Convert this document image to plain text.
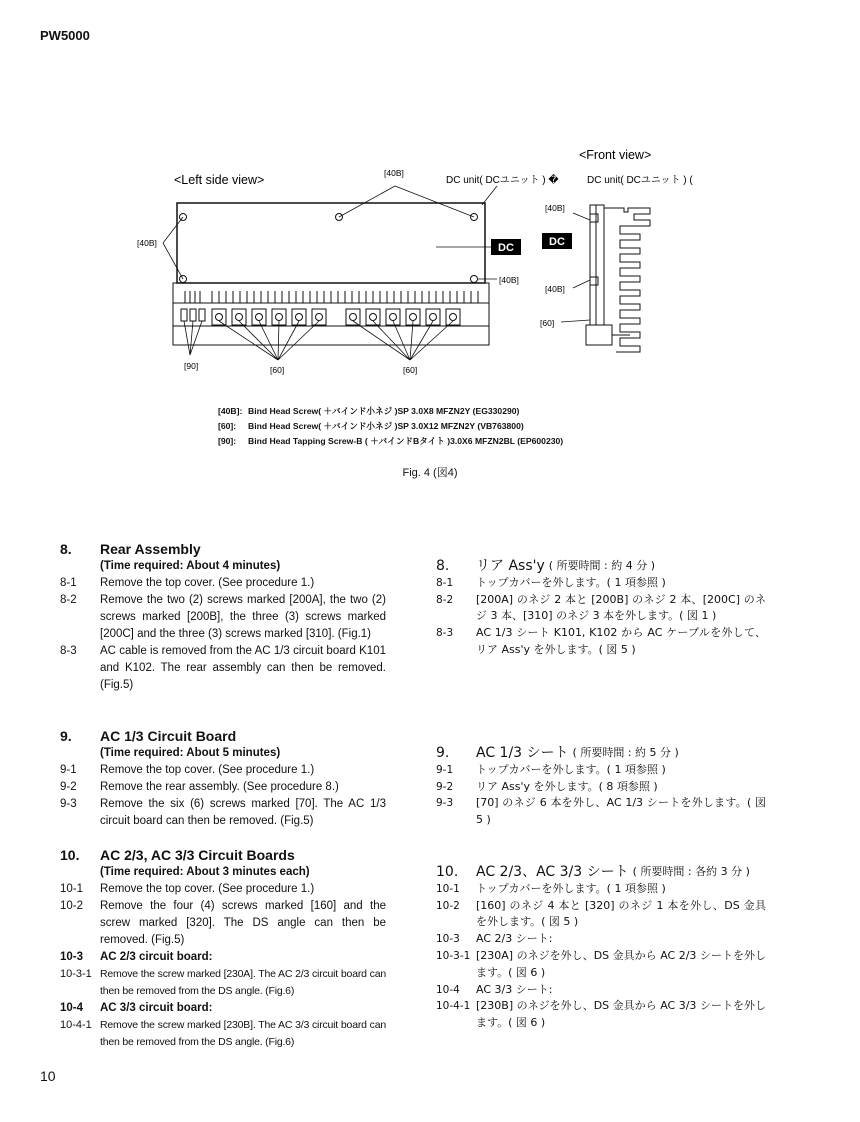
PW5000
DC	DC
<Front view>
<Left side view>	DC unit( DCユニット ) �	DC unit( DCユニット ) (
[40B]
[40B]
[40B]
[40B]
[40B]
[60]
[90]	[60]	[60]
[40B]: Bind Head Screw( ＋バインド小ネジ )SP 3.0X8 MFZN2Y (EG330290)
[60]: Bind Head Screw( ＋バインド小ネジ )SP 3.0X12 MFZN2Y (VB763800)
[90]: Bind Head Tapping Screw-B ( ＋バインドBタイト )3.0X6 MFZN2BL (EP600230)
Fig. 4 (図4)
8.	Rear Assembly
(Time required: About 4 minutes)
8-1	Remove the top cover. (See procedure 1.)
8-2	Remove the two (2) screws marked [200A], the two (2) screws marked [200B], the three (3) screws marked [200C] and the three (3) screws marked [310]. (Fig.1)
8-3	AC cable is removed from the AC 1/3 circuit board K101 and K102. The rear assembly can then be removed. (Fig.5)
9.	AC 1/3 Circuit Board
(Time required: About 5 minutes)
9-1	Remove the top cover. (See procedure 1.)
9-2	Remove the rear assembly. (See procedure 8.)
9-3	Remove the six (6) screws marked [70]. The AC 1/3 circuit board can then be removed. (Fig.5)
10.	AC 2/3, AC 3/3 Circuit Boards
(Time required: About 3 minutes each)
10-1	Remove the top cover. (See procedure 1.)
10-2	Remove the four (4) screws marked [160] and the screw marked [320]. The DS angle can then be removed. (Fig.5)
10-3	AC 2/3 circuit board:
10-3-1 Remove the screw marked [230A]. The AC 2/3 circuit board can then be removed from the DS angle. (Fig.6)
10-4	AC 3/3 circuit board:
10-4-1 Remove the screw marked [230B]. The AC 3/3 circuit board can then be removed from the DS angle. (Fig.6)
8.	リア Ass'y ( 所要時間 : 約 4 分 )
8-1	トップカバーを外します。( 1 項参照 )
8-2	[200A] のネジ 2 本と [200B] のネジ 2 本、[200C] のネジ 3 本、[310] のネジ 3 本を外します。( 図 1 )
8-3	AC 1/3 シート K101, K102 から AC ケーブルを外して、リア Ass'y を外します。( 図 5 )
9.	AC 1/3 シート ( 所要時間 : 約 5 分 )
9-1	トップカバーを外します。( 1 項参照 )
9-2	リア Ass'y を外します。( 8 項参照 )
9-3	[70] のネジ 6 本を外し、AC 1/3 シートを外します。( 図 5 )
10.	AC 2/3、AC 3/3 シート ( 所要時間 : 各約 3 分 )
10-1	トップカバーを外します。( 1 項参照 )
10-2	[160] のネジ 4 本と [320] のネジ 1 本を外し、DS 金具を外します。( 図 5 )
10-3	AC 2/3 シート:
10-3-1 [230A] のネジを外し、DS 金具から AC 2/3 シートを外します。( 図 6 )
10-4	AC 3/3 シート:
10-4-1 [230B] のネジを外し、DS 金具から AC 3/3 シートを外します。( 図 6 )
10
